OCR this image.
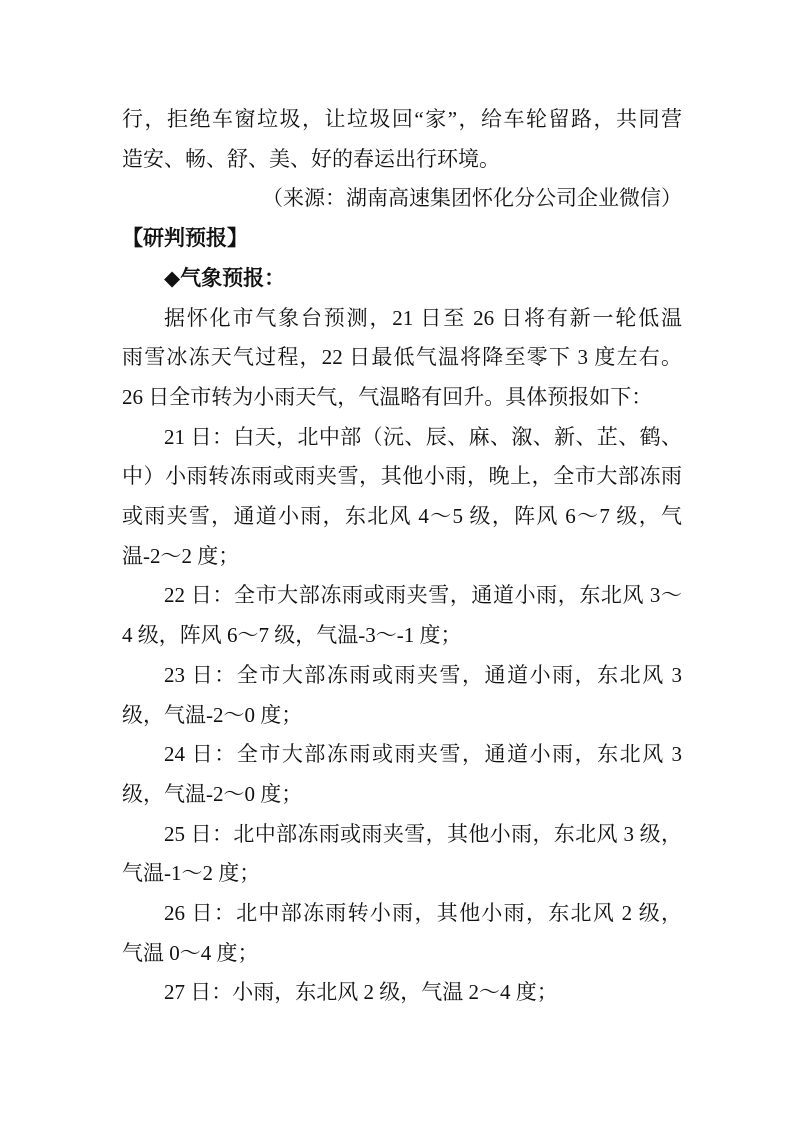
行，拒绝车窗垃圾，让垃圾回“家”，给车轮留路，共同营
造安、畅、舒、美、好的春运出行环境。
（来源：湖南高速集团怀化分公司企业微信）
【研判预报】
◆气象预报：
据怀化市气象台预测，21 日至 26 日将有新一轮低温
雨雪冰冻天气过程，22 日最低气温将降至零下 3 度左右。
26 日全市转为小雨天气，气温略有回升。具体预报如下：
21 日：白天，北中部（沅、辰、麻、溆、新、芷、鹤、
中）小雨转冻雨或雨夹雪，其他小雨，晚上，全市大部冻雨
或雨夹雪，通道小雨，东北风 4～5 级，阵风 6～7 级，气
温-2～2 度；
22 日：全市大部冻雨或雨夹雪，通道小雨，东北风 3～
4 级，阵风 6～7 级，气温-3～-1 度；
23 日：全市大部冻雨或雨夹雪，通道小雨，东北风 3
级，气温-2～0 度；
24 日：全市大部冻雨或雨夹雪，通道小雨，东北风 3
级，气温-2～0 度；
25 日：北中部冻雨或雨夹雪，其他小雨，东北风 3 级，
气温-1～2 度；
26 日：北中部冻雨转小雨，其他小雨，东北风 2 级，
气温 0～4 度；
27 日：小雨，东北风 2 级，气温 2～4 度；
